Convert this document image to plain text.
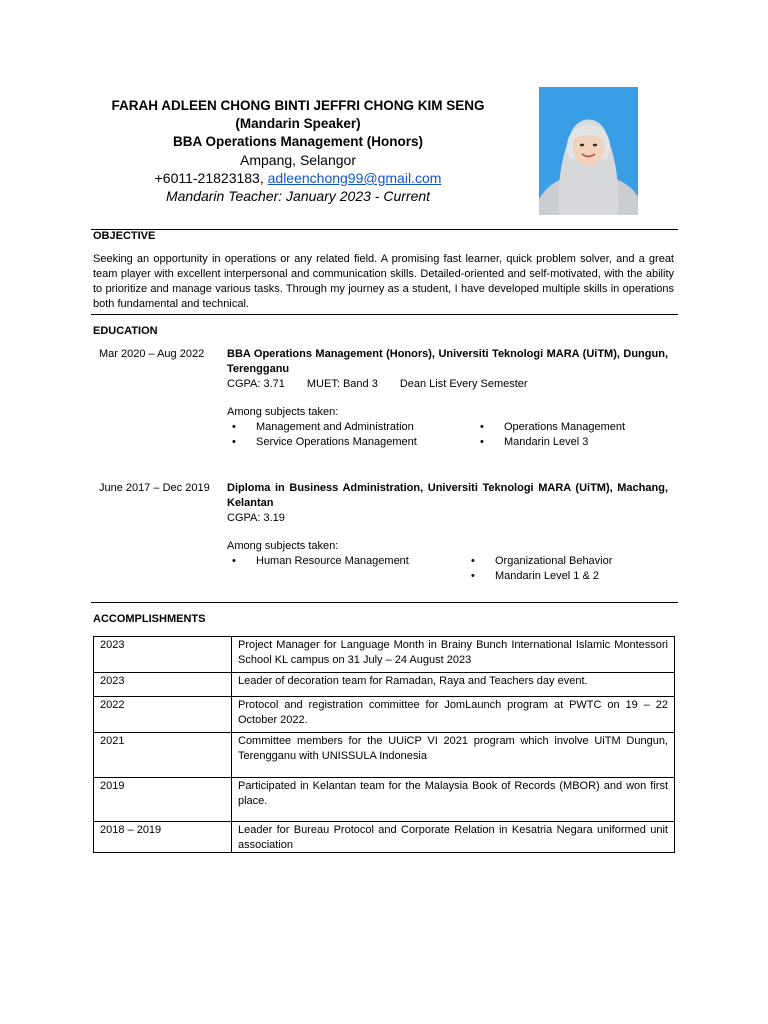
FARAH ADLEEN CHONG BINTI JEFFRI CHONG KIM SENG
(Mandarin Speaker)
BBA Operations Management (Honors)
Ampang, Selangor
+6011-21823183, adleenchong99@gmail.com
Mandarin Teacher: January 2023 - Current
OBJECTIVE
Seeking an opportunity in operations or any related field. A promising fast learner, quick problem solver, and a great team player with excellent interpersonal and communication skills. Detailed-oriented and self-motivated, with the ability to prioritize and manage various tasks. Through my journey as a student, I have developed multiple skills in operations both fundamental and technical.
EDUCATION
Mar 2020 – Aug 2022	BBA Operations Management (Honors), Universiti Teknologi MARA (UiTM), Dungun, Terengganu
CGPA: 3.71 MUET: Band 3 Dean List Every Semester
Among subjects taken:
• Management and Administration
• Service Operations Management
• Operations Management
• Mandarin Level 3
June 2017 – Dec 2019 Diploma in Business Administration, Universiti Teknologi MARA (UiTM), Machang, Kelantan
CGPA: 3.19
Among subjects taken:
• Human Resource Management	• Organizational Behavior
• Mandarin Level 1 & 2
ACCOMPLISHMENTS
2023	Project Manager for Language Month in Brainy Bunch International Islamic Montessori School KL campus on 31 July – 24 August 2023
2023	Leader of decoration team for Ramadan, Raya and Teachers day event.
2022	Protocol and registration committee for JomLaunch program at PWTC on 19 – 22 October 2022.
2021	Committee members for the UUiCP VI 2021 program which involve UiTM Dungun, Terengganu with UNISSULA Indonesia
2019	Participated in Kelantan team for the Malaysia Book of Records (MBOR) and won first place.
2018 – 2019	Leader for Bureau Protocol and Corporate Relation in Kesatria Negara uniformed unit association
